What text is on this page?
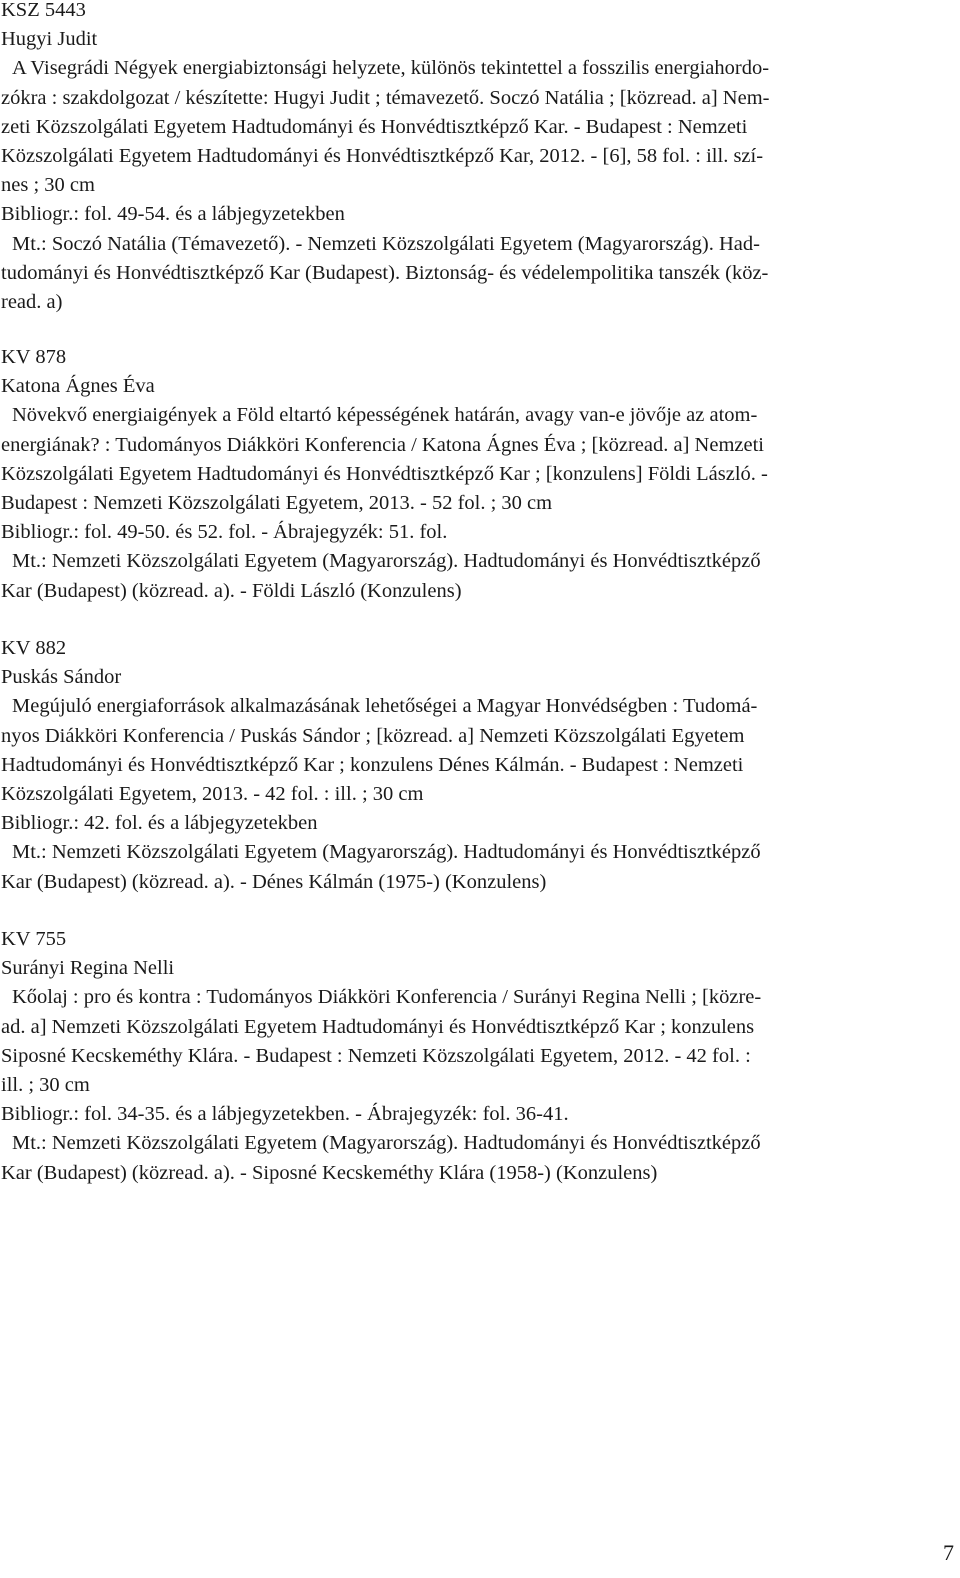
KSZ 5443
Hugyi Judit
A Visegrádi Négyek energiabiztonsági helyzete, különös tekintettel a fosszilis energiahordo-
zókra : szakdolgozat / készítette: Hugyi Judit ; témavezető. Soczó Natália ; [közread. a] Nem-
zeti Közszolgálati Egyetem Hadtudományi és Honvédtisztképző Kar. - Budapest : Nemzeti
Közszolgálati Egyetem Hadtudományi és Honvédtisztképző Kar, 2012. - [6], 58 fol. : ill. szí-
nes ; 30 cm
Bibliogr.: fol. 49-54. és a lábjegyzetekben
Mt.: Soczó Natália (Témavezető). - Nemzeti Közszolgálati Egyetem (Magyarország). Had-
tudományi és Honvédtisztképző Kar (Budapest). Biztonság- és védelempolitika tanszék (köz-
read. a)
KV 878
Katona Ágnes Éva
Növekvő energiaigények a Föld eltartó képességének határán, avagy van-e jövője az atom-
energiának? : Tudományos Diákköri Konferencia / Katona Ágnes Éva ; [közread. a] Nemzeti
Közszolgálati Egyetem Hadtudományi és Honvédtisztképző Kar ; [konzulens] Földi László. -
Budapest : Nemzeti Közszolgálati Egyetem, 2013. - 52 fol. ; 30 cm
Bibliogr.: fol. 49-50. és 52. fol. - Ábrajegyzék: 51. fol.
Mt.: Nemzeti Közszolgálati Egyetem (Magyarország). Hadtudományi és Honvédtisztképző
Kar (Budapest) (közread. a). - Földi László (Konzulens)
KV 882
Puskás Sándor
Megújuló energiaforrások alkalmazásának lehetőségei a Magyar Honvédségben : Tudomá-
nyos Diákköri Konferencia / Puskás Sándor ; [közread. a] Nemzeti Közszolgálati Egyetem
Hadtudományi és Honvédtisztképző Kar ; konzulens Dénes Kálmán. - Budapest : Nemzeti
Közszolgálati Egyetem, 2013. - 42 fol. : ill. ; 30 cm
Bibliogr.: 42. fol. és a lábjegyzetekben
Mt.: Nemzeti Közszolgálati Egyetem (Magyarország). Hadtudományi és Honvédtisztképző
Kar (Budapest) (közread. a). - Dénes Kálmán (1975-) (Konzulens)
KV 755
Surányi Regina Nelli
Kőolaj : pro és kontra : Tudományos Diákköri Konferencia / Surányi Regina Nelli ; [közre-
ad. a] Nemzeti Közszolgálati Egyetem Hadtudományi és Honvédtisztképző Kar ; konzulens
Siposné Kecskeméthy Klára. - Budapest : Nemzeti Közszolgálati Egyetem, 2012. - 42 fol. :
ill. ; 30 cm
Bibliogr.: fol. 34-35. és a lábjegyzetekben. - Ábrajegyzék: fol. 36-41.
Mt.: Nemzeti Közszolgálati Egyetem (Magyarország). Hadtudományi és Honvédtisztképző
Kar (Budapest) (közread. a). - Siposné Kecskeméthy Klára (1958-) (Konzulens)
7
